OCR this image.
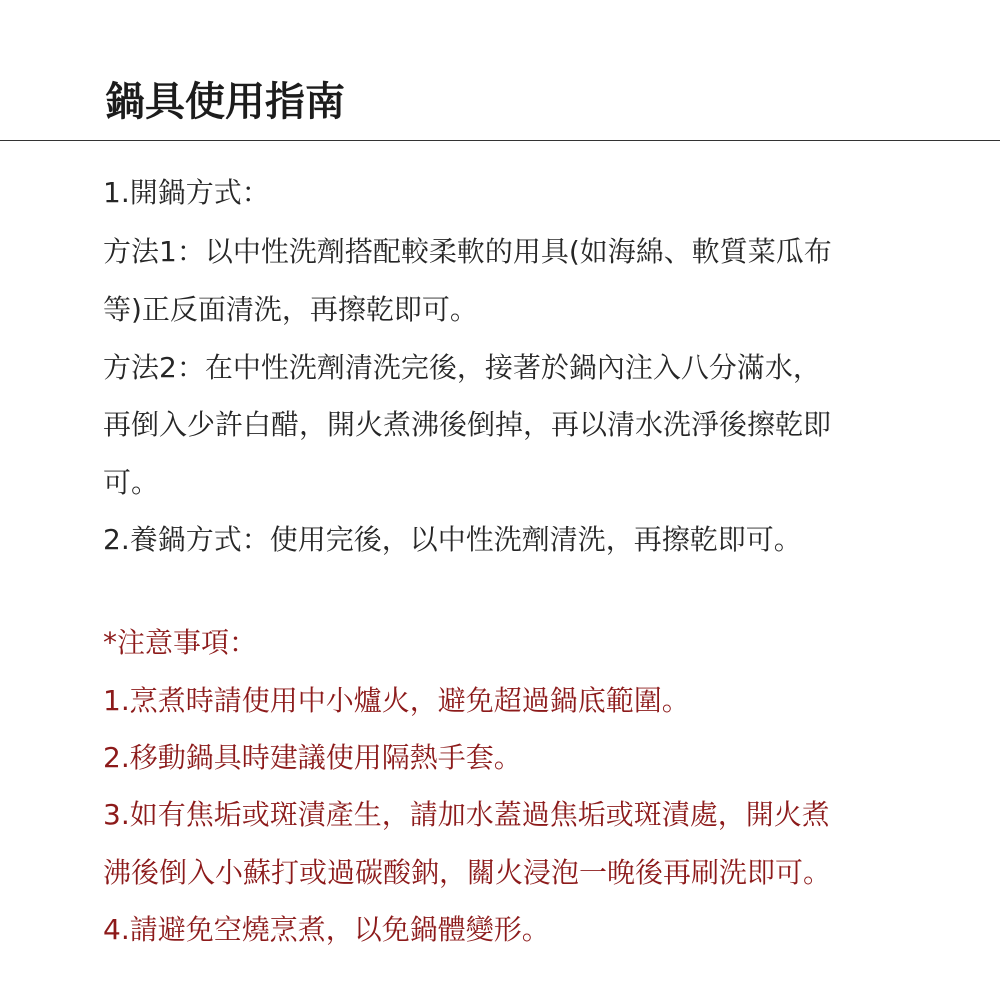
鍋具使用指南
1.開鍋方式：
方法1：以中性洗劑搭配較柔軟的用具(如海綿、軟質菜瓜布
等)正反面清洗，再擦乾即可。
方法2：在中性洗劑清洗完後，接著於鍋內注入八分滿水，
再倒入少許白醋，開火煮沸後倒掉，再以清水洗淨後擦乾即
可。
2.養鍋方式：使用完後，以中性洗劑清洗，再擦乾即可。
*注意事項：
1.烹煮時請使用中小爐火，避免超過鍋底範圍。
2.移動鍋具時建議使用隔熱手套。
3.如有焦垢或斑漬產生，請加水蓋過焦垢或斑漬處，開火煮
沸後倒入小蘇打或過碳酸鈉，關火浸泡一晚後再刷洗即可。
4.請避免空燒烹煮，以免鍋體變形。
